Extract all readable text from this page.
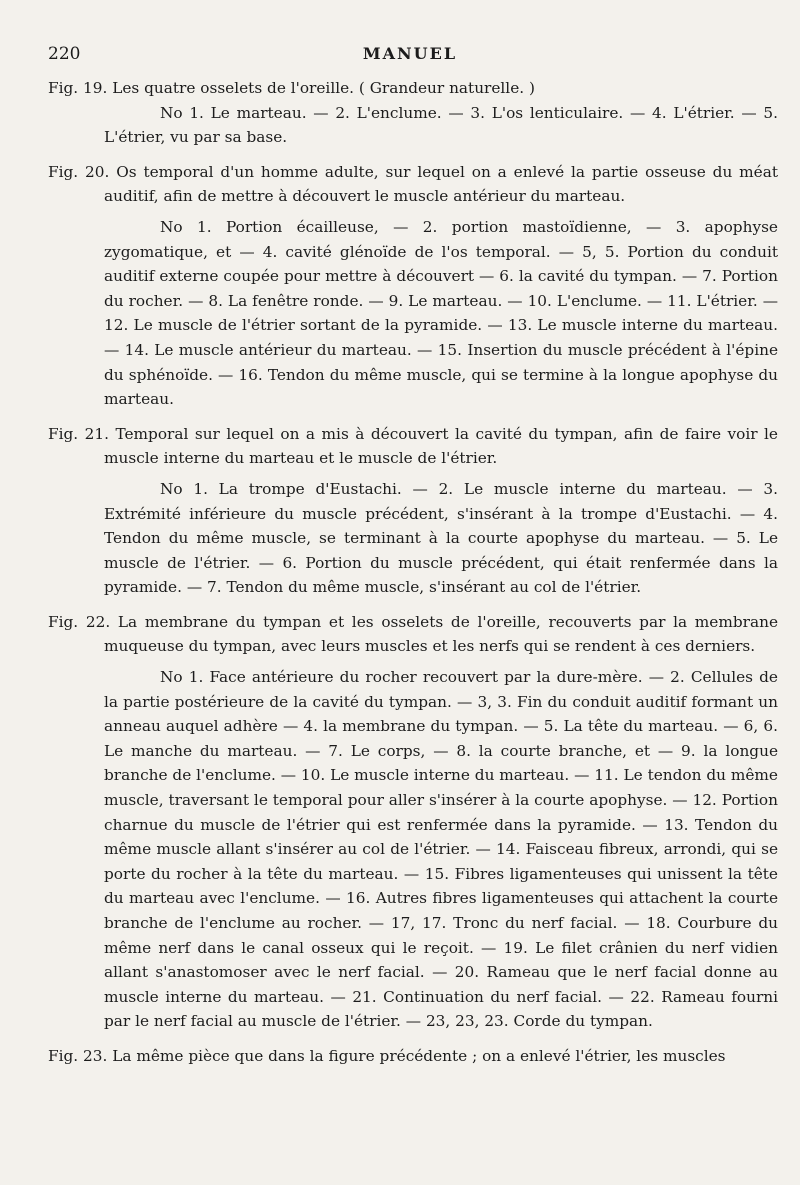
220	MANUEL

Fig. 19. Les quatre osselets de l'oreille. ( Grandeur naturelle. )

No 1. Le marteau. — 2. L'enclume. — 3. L'os lenticulaire. — 4. L'étrier. — 5. L'étrier, vu par sa base.

Fig. 20. Os temporal d'un homme adulte, sur lequel on a enlevé la partie osseuse du méat auditif, afin de mettre à découvert le muscle antérieur du marteau.

No 1. Portion écailleuse, — 2. portion mastoïdienne, — 3. apophyse zygomatique, et — 4. cavité glénoïde de l'os temporal. — 5, 5. Portion du conduit auditif externe coupée pour mettre à découvert — 6. la cavité du tympan. — 7. Portion du rocher. — 8. La fenêtre ronde. — 9. Le marteau. — 10. L'enclume. — 11. L'étrier. — 12. Le muscle de l'étrier sortant de la pyramide. — 13. Le muscle interne du marteau. — 14. Le muscle antérieur du marteau. — 15. Insertion du muscle précédent à l'épine du sphénoïde. — 16. Tendon du même muscle, qui se termine à la longue apophyse du marteau.

Fig. 21. Temporal sur lequel on a mis à découvert la cavité du tympan, afin de faire voir le muscle interne du marteau et le muscle de l'étrier.

No 1. La trompe d'Eustachi. — 2. Le muscle interne du marteau. — 3. Extrémité inférieure du muscle précédent, s'insérant à la trompe d'Eustachi. — 4. Tendon du même muscle, se terminant à la courte apophyse du marteau. — 5. Le muscle de l'étrier. — 6. Portion du muscle précédent, qui était renfermée dans la pyramide. — 7. Tendon du même muscle, s'insérant au col de l'étrier.

Fig. 22. La membrane du tympan et les osselets de l'oreille, recouverts par la membrane muqueuse du tympan, avec leurs muscles et les nerfs qui se rendent à ces derniers.

No 1. Face antérieure du rocher recouvert par la dure-mère. — 2. Cellules de la partie postérieure de la cavité du tympan. — 3, 3. Fin du conduit auditif formant un anneau auquel adhère — 4. la membrane du tympan. — 5. La tête du marteau. — 6, 6. Le manche du marteau. — 7. Le corps, — 8. la courte branche, et — 9. la longue branche de l'enclume. — 10. Le muscle interne du marteau. — 11. Le tendon du même muscle, traversant le temporal pour aller s'insérer à la courte apophyse. — 12. Portion charnue du muscle de l'étrier qui est renfermée dans la pyramide. — 13. Tendon du même muscle allant s'insérer au col de l'étrier. — 14. Faisceau fibreux, arrondi, qui se porte du rocher à la tête du marteau. — 15. Fibres ligamenteuses qui unissent la tête du marteau avec l'enclume. — 16. Autres fibres ligamenteuses qui attachent la courte branche de l'enclume au rocher. — 17, 17. Tronc du nerf facial. — 18. Courbure du même nerf dans le canal osseux qui le reçoit. — 19. Le filet crânien du nerf vidien allant s'anastomoser avec le nerf facial. — 20. Rameau que le nerf facial donne au muscle interne du marteau. — 21. Continuation du nerf facial. — 22. Rameau fourni par le nerf facial au muscle de l'étrier. — 23, 23, 23. Corde du tympan.

Fig. 23. La même pièce que dans la figure précédente ; on a enlevé l'étrier, les muscles
